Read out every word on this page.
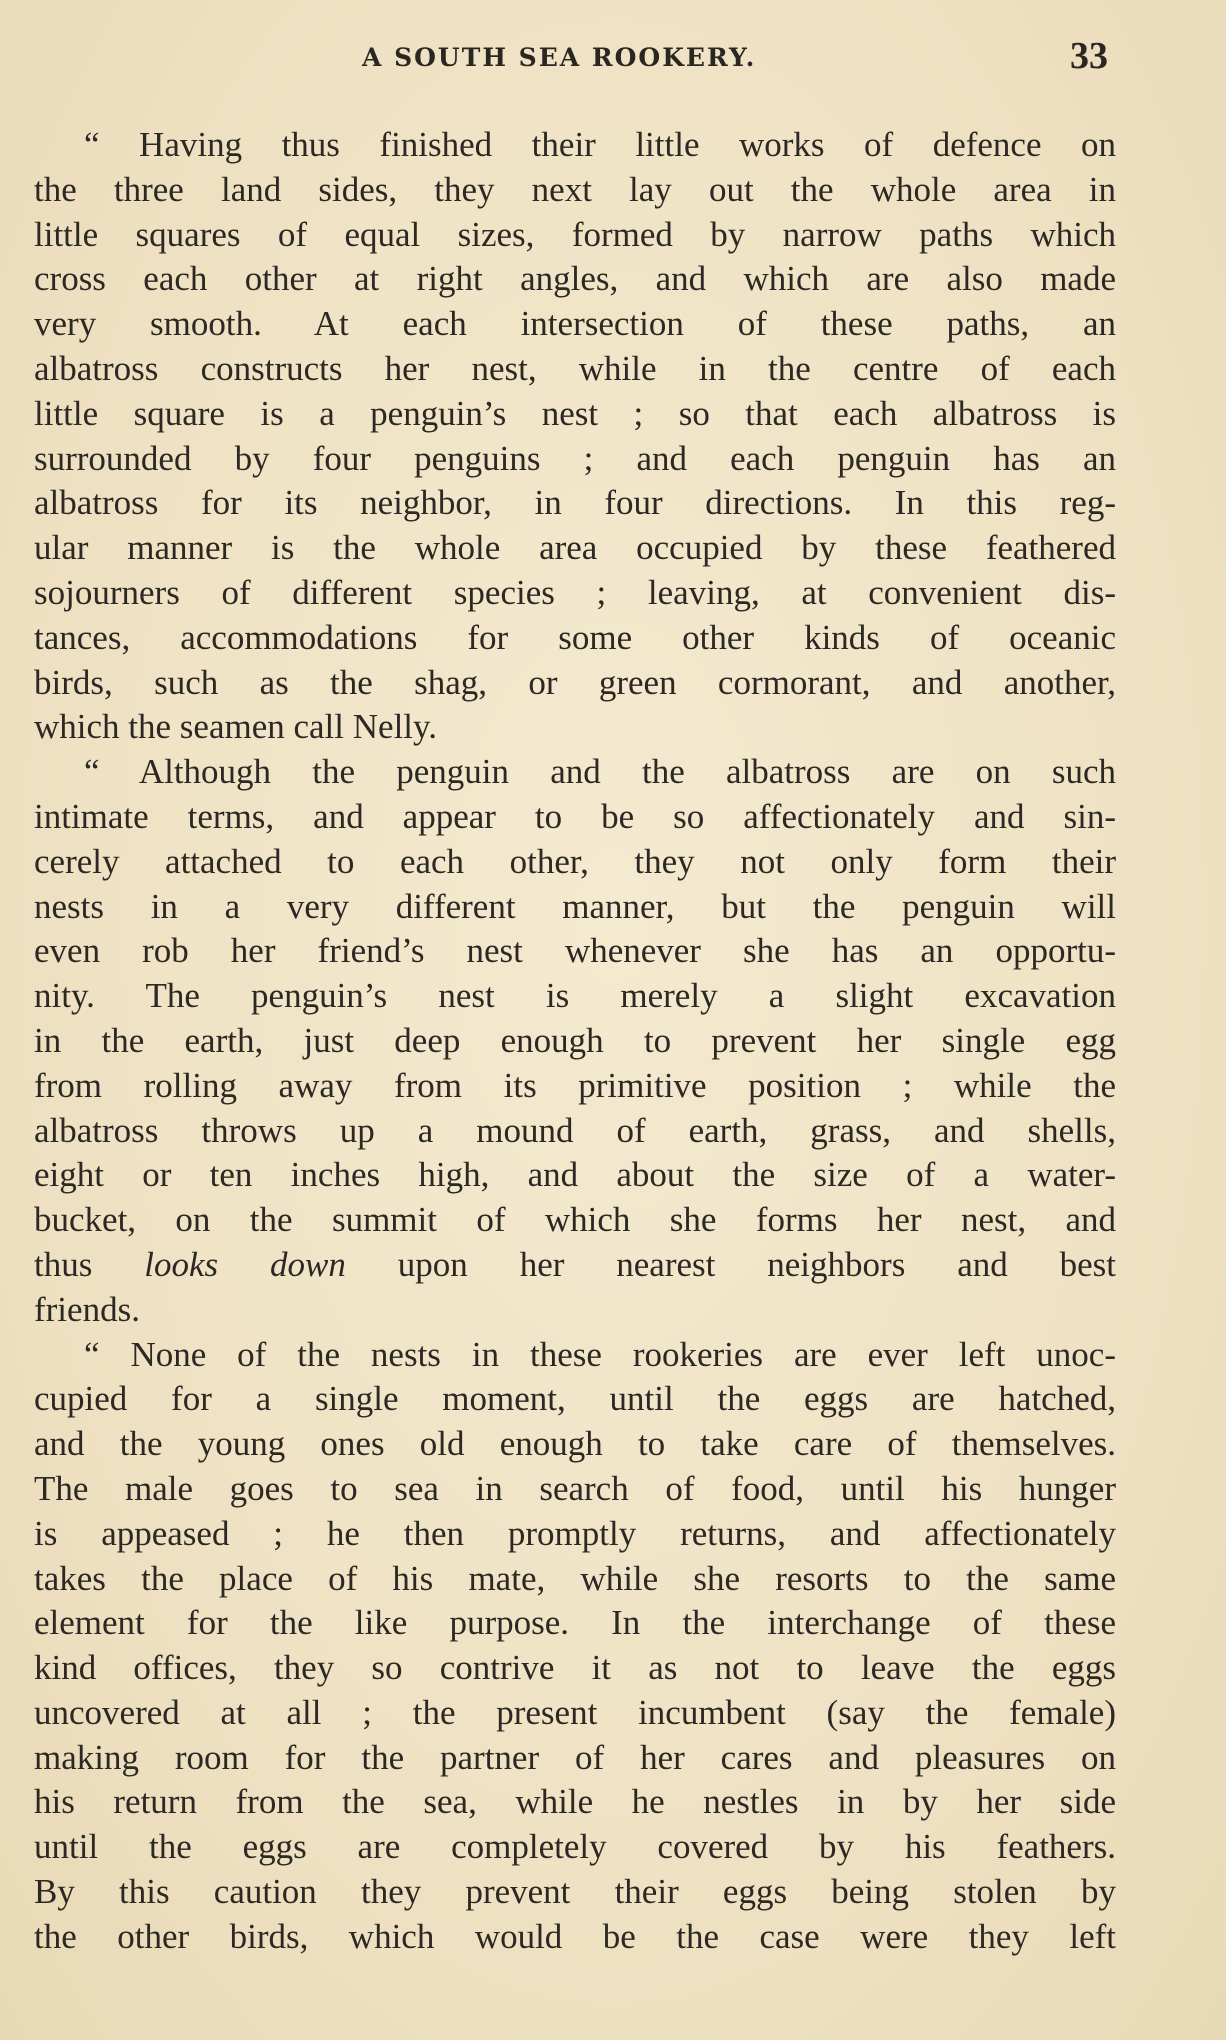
A SOUTH SEA ROOKERY.	33
“ Having thus finished their little works of defence on
the three land sides, they next lay out the whole area in
little squares of equal sizes, formed by narrow paths which
cross each other at right angles, and which are also made
very smooth. At each intersection of these paths, an
albatross constructs her nest, while in the centre of each
little square is a penguin’s nest ; so that each albatross is
surrounded by four penguins ; and each penguin has an
albatross for its neighbor, in four directions. In this reg-
ular manner is the whole area occupied by these feathered
sojourners of different species ; leaving, at convenient dis-
tances, accommodations for some other kinds of oceanic
birds, such as the shag, or green cormorant, and another,
which the seamen call Nelly.
“ Although the penguin and the albatross are on such
intimate terms, and appear to be so affectionately and sin-
cerely attached to each other, they not only form their
nests in a very different manner, but the penguin will
even rob her friend’s nest whenever she has an opportu-
nity. The penguin’s nest is merely a slight excavation
in the earth, just deep enough to prevent her single egg
from rolling away from its primitive position ; while the
albatross throws up a mound of earth, grass, and shells,
eight or ten inches high, and about the size of a water-
bucket, on the summit of which she forms her nest, and
thus looks down upon her nearest neighbors and best
friends.
“ None of the nests in these rookeries are ever left unoc-
cupied for a single moment, until the eggs are hatched,
and the young ones old enough to take care of themselves.
The male goes to sea in search of food, until his hunger
is appeased ; he then promptly returns, and affectionately
takes the place of his mate, while she resorts to the same
element for the like purpose. In the interchange of these
kind offices, they so contrive it as not to leave the eggs
uncovered at all ; the present incumbent (say the female)
making room for the partner of her cares and pleasures on
his return from the sea, while he nestles in by her side
until the eggs are completely covered by his feathers.
By this caution they prevent their eggs being stolen by
the other birds, which would be the case were they left
